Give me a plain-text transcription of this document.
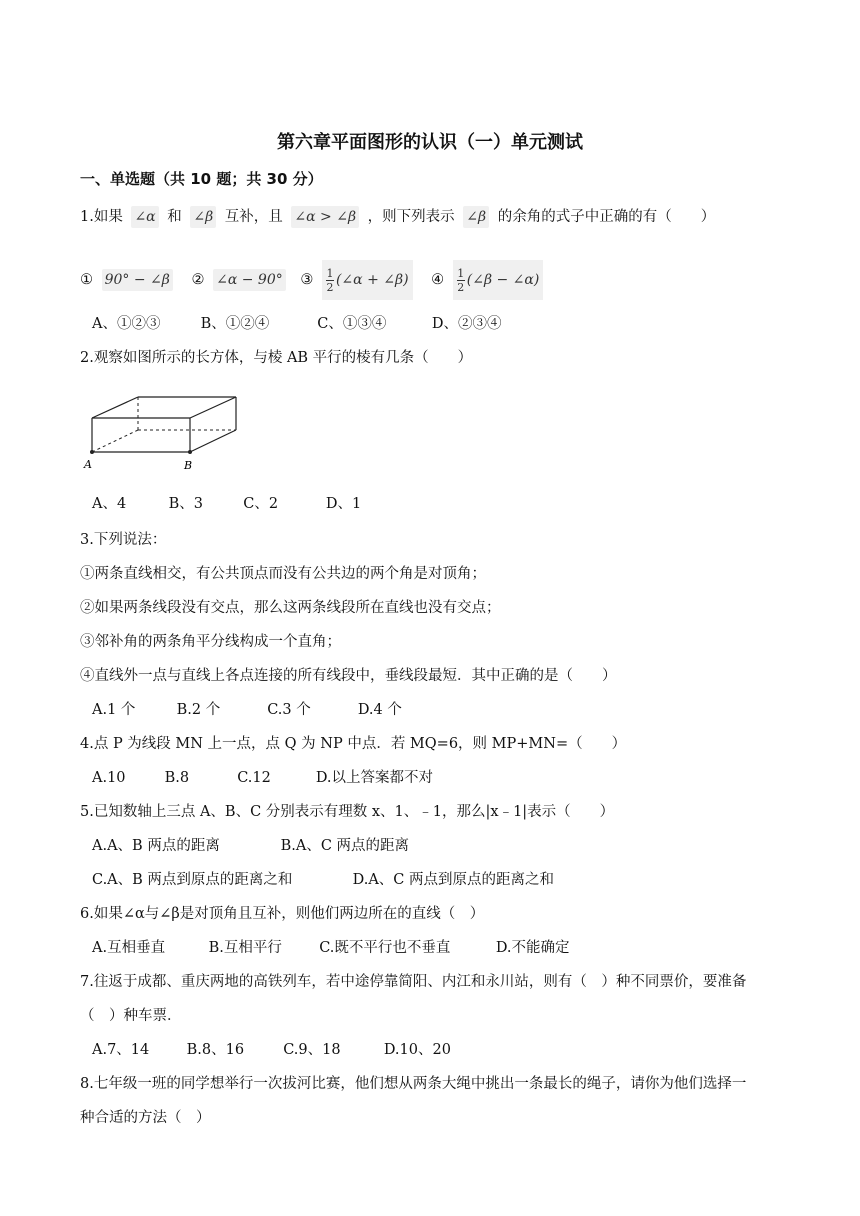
第六章平面图形的认识（一）单元测试
一、单选题（共 10 题；共 30 分）
1.如果 ∠α 和 ∠β 互补，且 ∠α > ∠β ，则下列表示 ∠β 的余角的式子中正确的有（　　）
① 90° − ∠β ② ∠α − 90° ③ $\frac{1}{2}$ (∠α + ∠β) ④ $\frac{1}{2}$ (∠β − ∠α)
A、①②③	B、①②④	C、①③④	D、②③④
2.观察如图所示的长方体，与棱 AB 平行的棱有几条（　　）
A	B
A、4	B、3	C、2	D、1
3.下列说法：
①两条直线相交，有公共顶点而没有公共边的两个角是对顶角；
②如果两条线段没有交点，那么这两条线段所在直线也没有交点；
③邻补角的两条角平分线构成一个直角；
④直线外一点与直线上各点连接的所有线段中，垂线段最短．其中正确的是（　　）
A.1 个	B.2 个	C.3 个	D.4 个
4.点 P 为线段 MN 上一点，点 Q 为 NP 中点．若 MQ=6，则 MP+MN=（　　）
A.10	B.8	C.12	D.以上答案都不对
5.已知数轴上三点 A、B、C 分别表示有理数 x、1、﹣1，那么|x﹣1|表示（　　）
A.A、B 两点的距离	B.A、C 两点的距离
C.A、B 两点到原点的距离之和	D.A、C 两点到原点的距离之和
6.如果∠α与∠β是对顶角且互补，则他们两边所在的直线（　）
A.互相垂直	B.互相平行	C.既不平行也不垂直	D.不能确定
7.往返于成都、重庆两地的高铁列车，若中途停靠简阳、内江和永川站，则有（　）种不同票价，要准备
（　）种车票．
A.7、14	B.8、16	C.9、18	D.10、20
8.七年级一班的同学想举行一次拔河比赛，他们想从两条大绳中挑出一条最长的绳子，请你为他们选择一
种合适的方法（　）
